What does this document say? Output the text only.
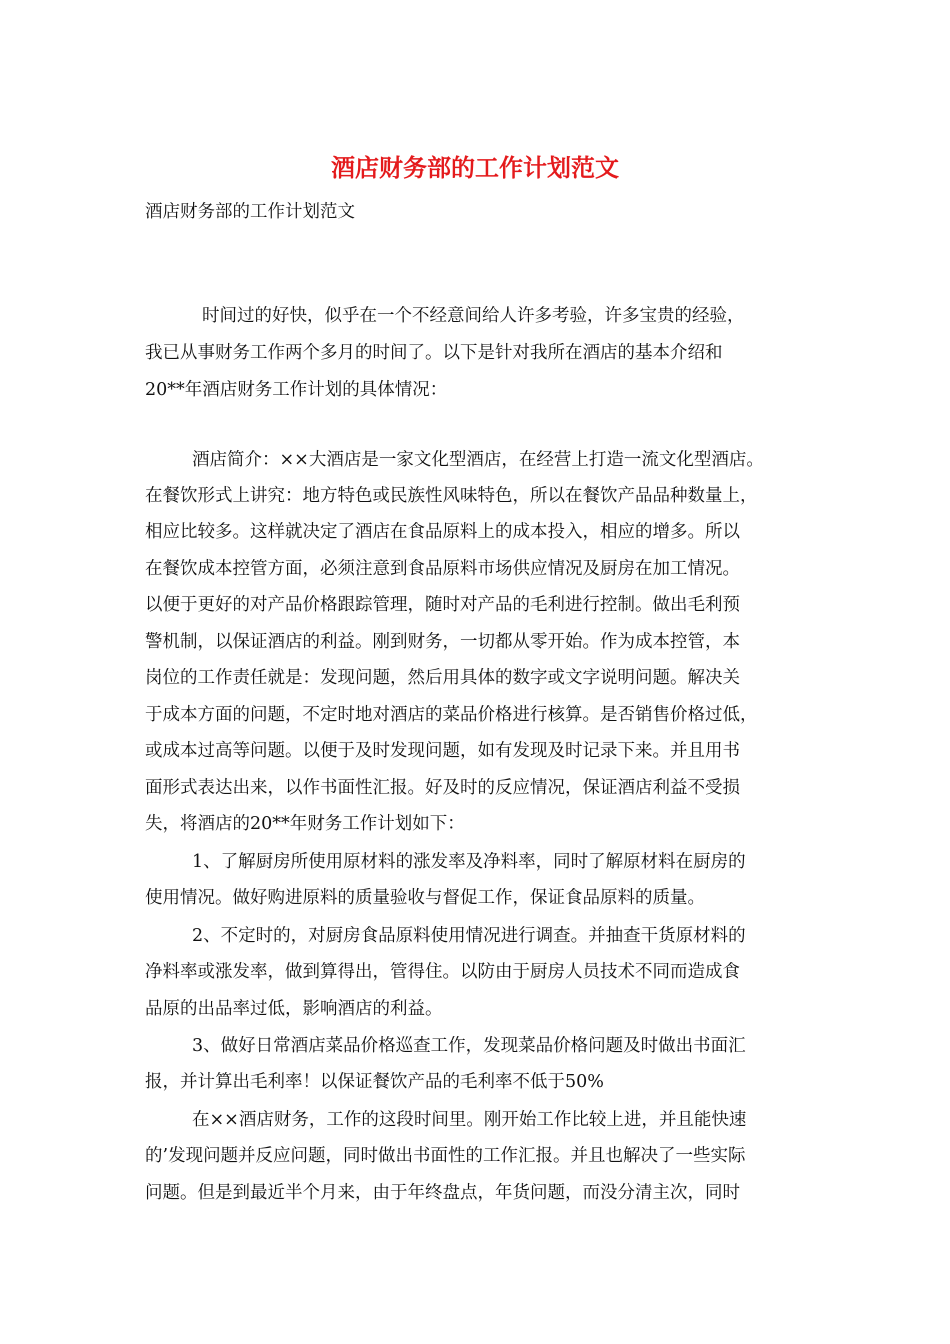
酒店财务部的工作计划范文

酒店财务部的工作计划范文

时间过的好快，似乎在一个不经意间给人许多考验，许多宝贵的经验，

我已从事财务工作两个多月的时间了。以下是针对我所在酒店的基本介绍和

20**年酒店财务工作计划的具体情况：

酒店简介：××大酒店是一家文化型酒店，在经营上打造一流文化型酒店。

在餐饮形式上讲究：地方特色或民族性风味特色，所以在餐饮产品品种数量上，

相应比较多。这样就决定了酒店在食品原料上的成本投入，相应的增多。所以

在餐饮成本控管方面，必须注意到食品原料市场供应情况及厨房在加工情况。

以便于更好的对产品价格跟踪管理，随时对产品的毛利进行控制。做出毛利预

警机制，以保证酒店的利益。刚到财务，一切都从零开始。作为成本控管，本

岗位的工作责任就是：发现问题，然后用具体的数字或文字说明问题。解决关

于成本方面的问题，不定时地对酒店的菜品价格进行核算。是否销售价格过低，

或成本过高等问题。以便于及时发现问题，如有发现及时记录下来。并且用书

面形式表达出来，以作书面性汇报。好及时的反应情况，保证酒店利益不受损

失，将酒店的20**年财务工作计划如下：

1、了解厨房所使用原材料的涨发率及净料率，同时了解原材料在厨房的

使用情况。做好购进原料的质量验收与督促工作，保证食品原料的质量。

2、不定时的，对厨房食品原料使用情况进行调查。并抽查干货原材料的

净料率或涨发率，做到算得出，管得住。以防由于厨房人员技术不同而造成食

品原的出品率过低，影响酒店的利益。

3、做好日常酒店菜品价格巡查工作，发现菜品价格问题及时做出书面汇

报，并计算出毛利率！以保证餐饮产品的毛利率不低于50%

在××酒店财务，工作的这段时间里。刚开始工作比较上进，并且能快速

的’发现问题并反应问题，同时做出书面性的工作汇报。并且也解决了一些实际

问题。但是到最近半个月来，由于年终盘点，年货问题，而没分清主次，同时
